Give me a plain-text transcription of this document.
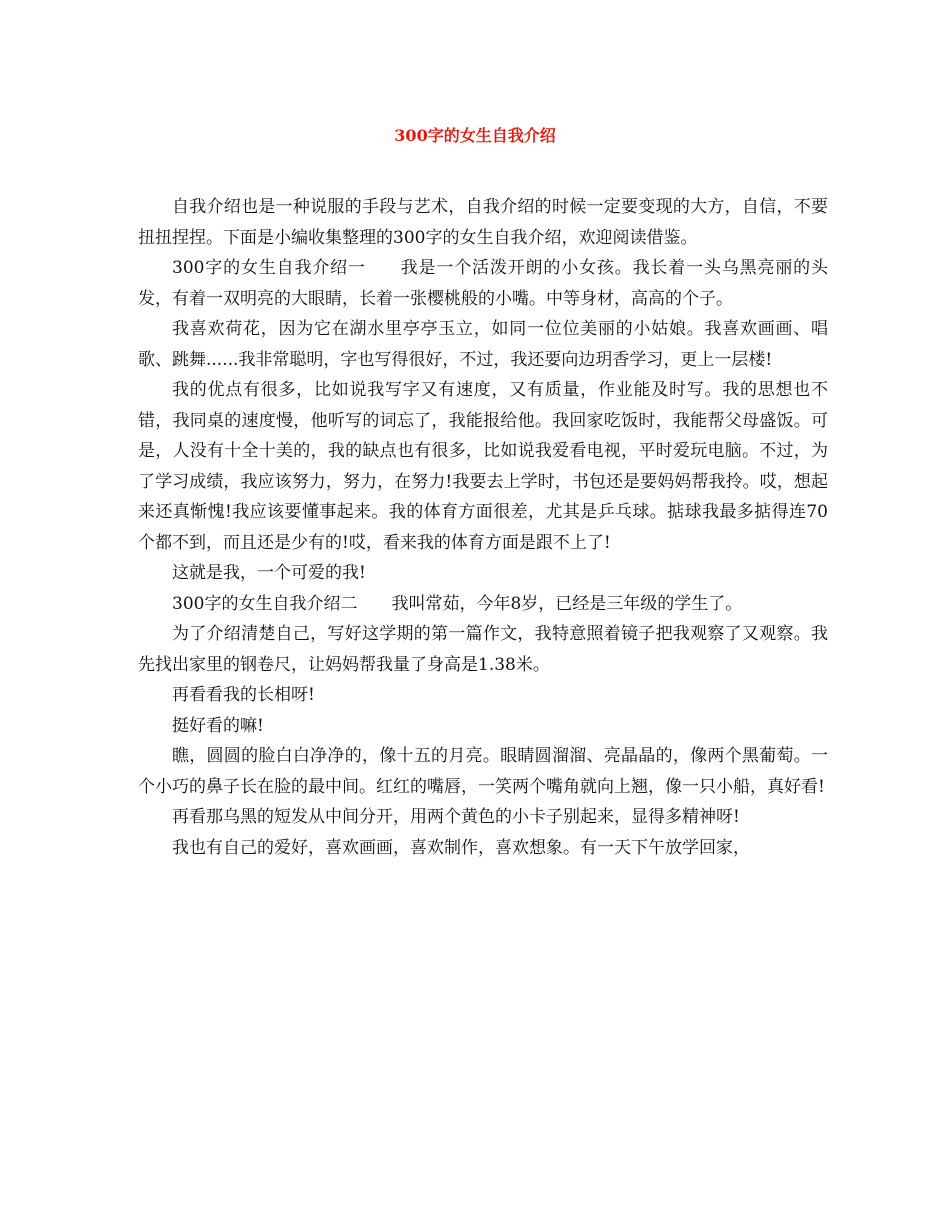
300字的女生自我介绍

自我介绍也是一种说服的手段与艺术，自我介绍的时候一定要变现的大方，自信，不要扭扭捏捏。下面是小编收集整理的300字的女生自我介绍，欢迎阅读借鉴。

300字的女生自我介绍一 我是一个活泼开朗的小女孩。我长着一头乌黑亮丽的头发，有着一双明亮的大眼睛，长着一张樱桃般的小嘴。中等身材，高高的个子。

我喜欢荷花，因为它在湖水里亭亭玉立，如同一位位美丽的小姑娘。我喜欢画画、唱歌、跳舞......我非常聪明，字也写得很好，不过，我还要向边玥香学习，更上一层楼!

我的优点有很多，比如说我写字又有速度，又有质量，作业能及时写。我的思想也不错，我同桌的速度慢，他听写的词忘了，我能报给他。我回家吃饭时，我能帮父母盛饭。可是，人没有十全十美的，我的缺点也有很多，比如说我爱看电视，平时爱玩电脑。不过，为了学习成绩，我应该努力，努力，在努力!我要去上学时，书包还是要妈妈帮我拎。哎，想起来还真惭愧!我应该要懂事起来。我的体育方面很差，尤其是乒乓球。掂球我最多掂得连70个都不到，而且还是少有的!哎，看来我的体育方面是跟不上了!

这就是我，一个可爱的我!

300字的女生自我介绍二 我叫常茹，今年8岁，已经是三年级的学生了。

为了介绍清楚自己，写好这学期的第一篇作文，我特意照着镜子把我观察了又观察。我先找出家里的钢卷尺，让妈妈帮我量了身高是1.38米。

再看看我的长相呀!

挺好看的嘛!

瞧，圆圆的脸白白净净的，像十五的月亮。眼睛圆溜溜、亮晶晶的，像两个黑葡萄。一个小巧的鼻子长在脸的最中间。红红的嘴唇，一笑两个嘴角就向上翘，像一只小船，真好看!

再看那乌黑的短发从中间分开，用两个黄色的小卡子别起来，显得多精神呀!

我也有自己的爱好，喜欢画画，喜欢制作，喜欢想象。有一天下午放学回家，
